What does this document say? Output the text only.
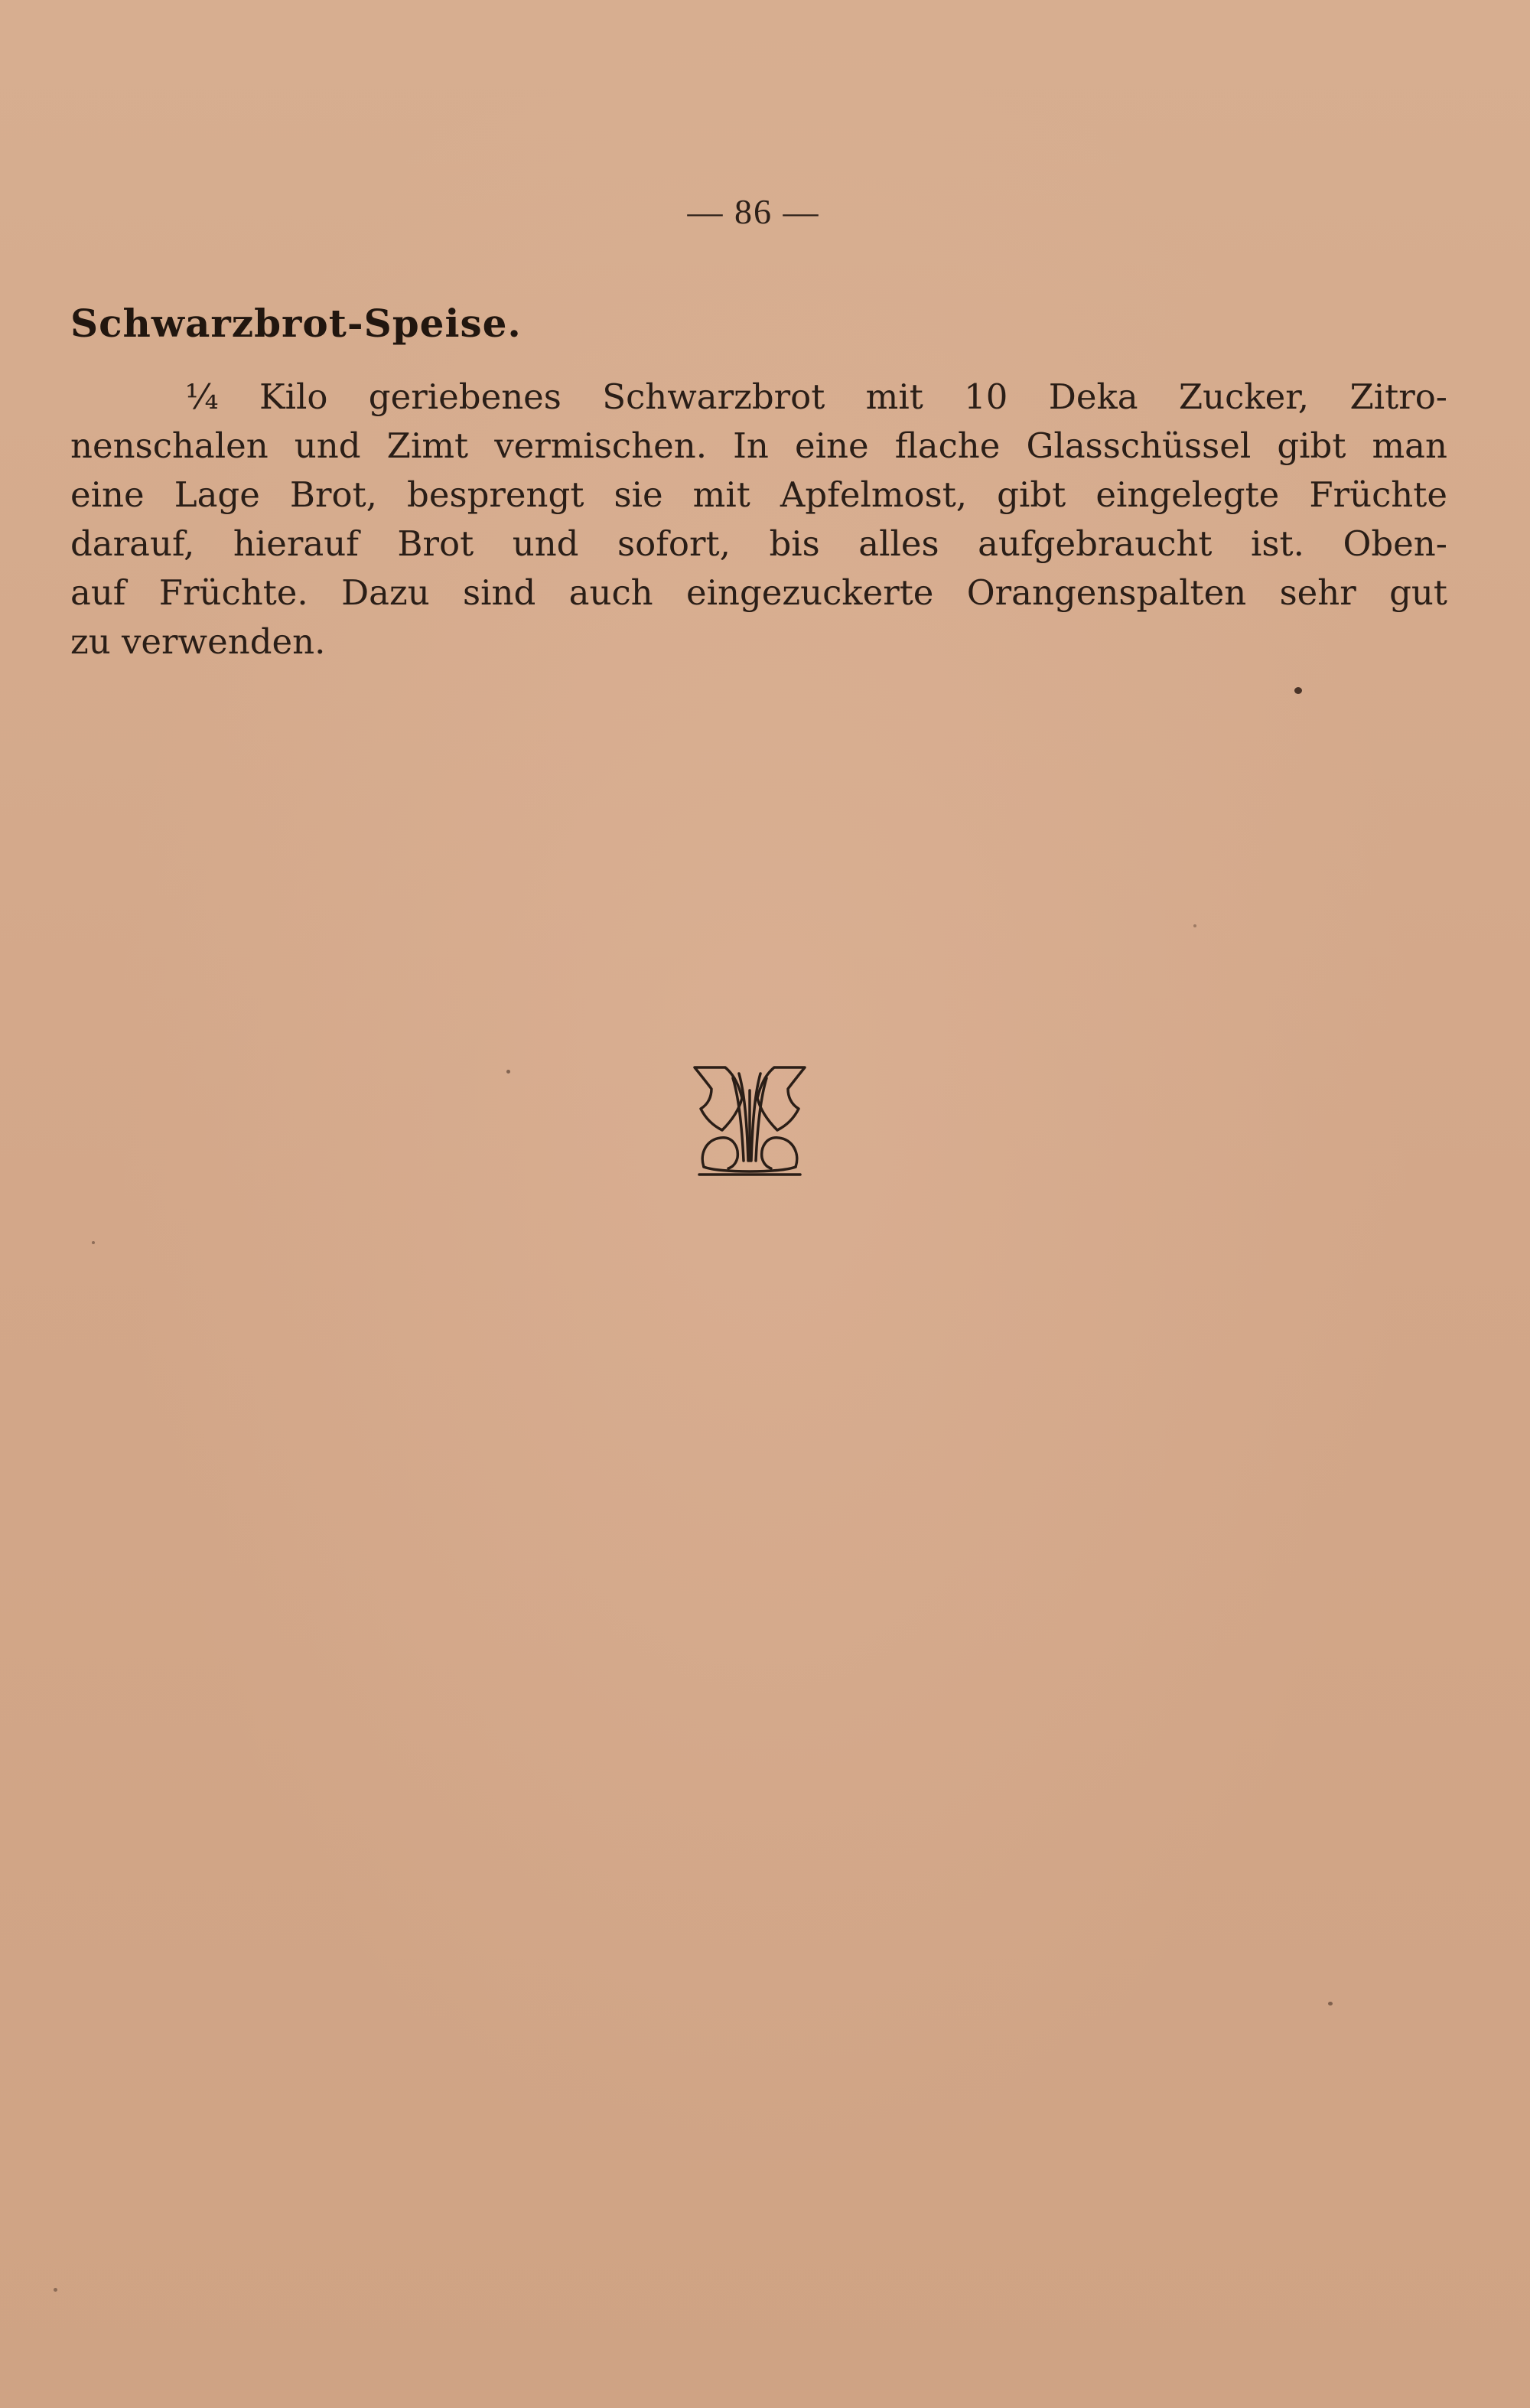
— 86 —
Schwarzbrot-Speise.
¼ Kilo geriebenes Schwarzbrot mit 10 Deka Zucker, Zitro-
nenschalen und Zimt vermischen. In eine flache Glasschüssel gibt man
eine Lage Brot, besprengt sie mit Apfelmost, gibt eingelegte Früchte
darauf, hierauf Brot und sofort, bis alles aufgebraucht ist. Oben-
auf Früchte. Dazu sind auch eingezuckerte Orangenspalten sehr gut
zu verwenden.
